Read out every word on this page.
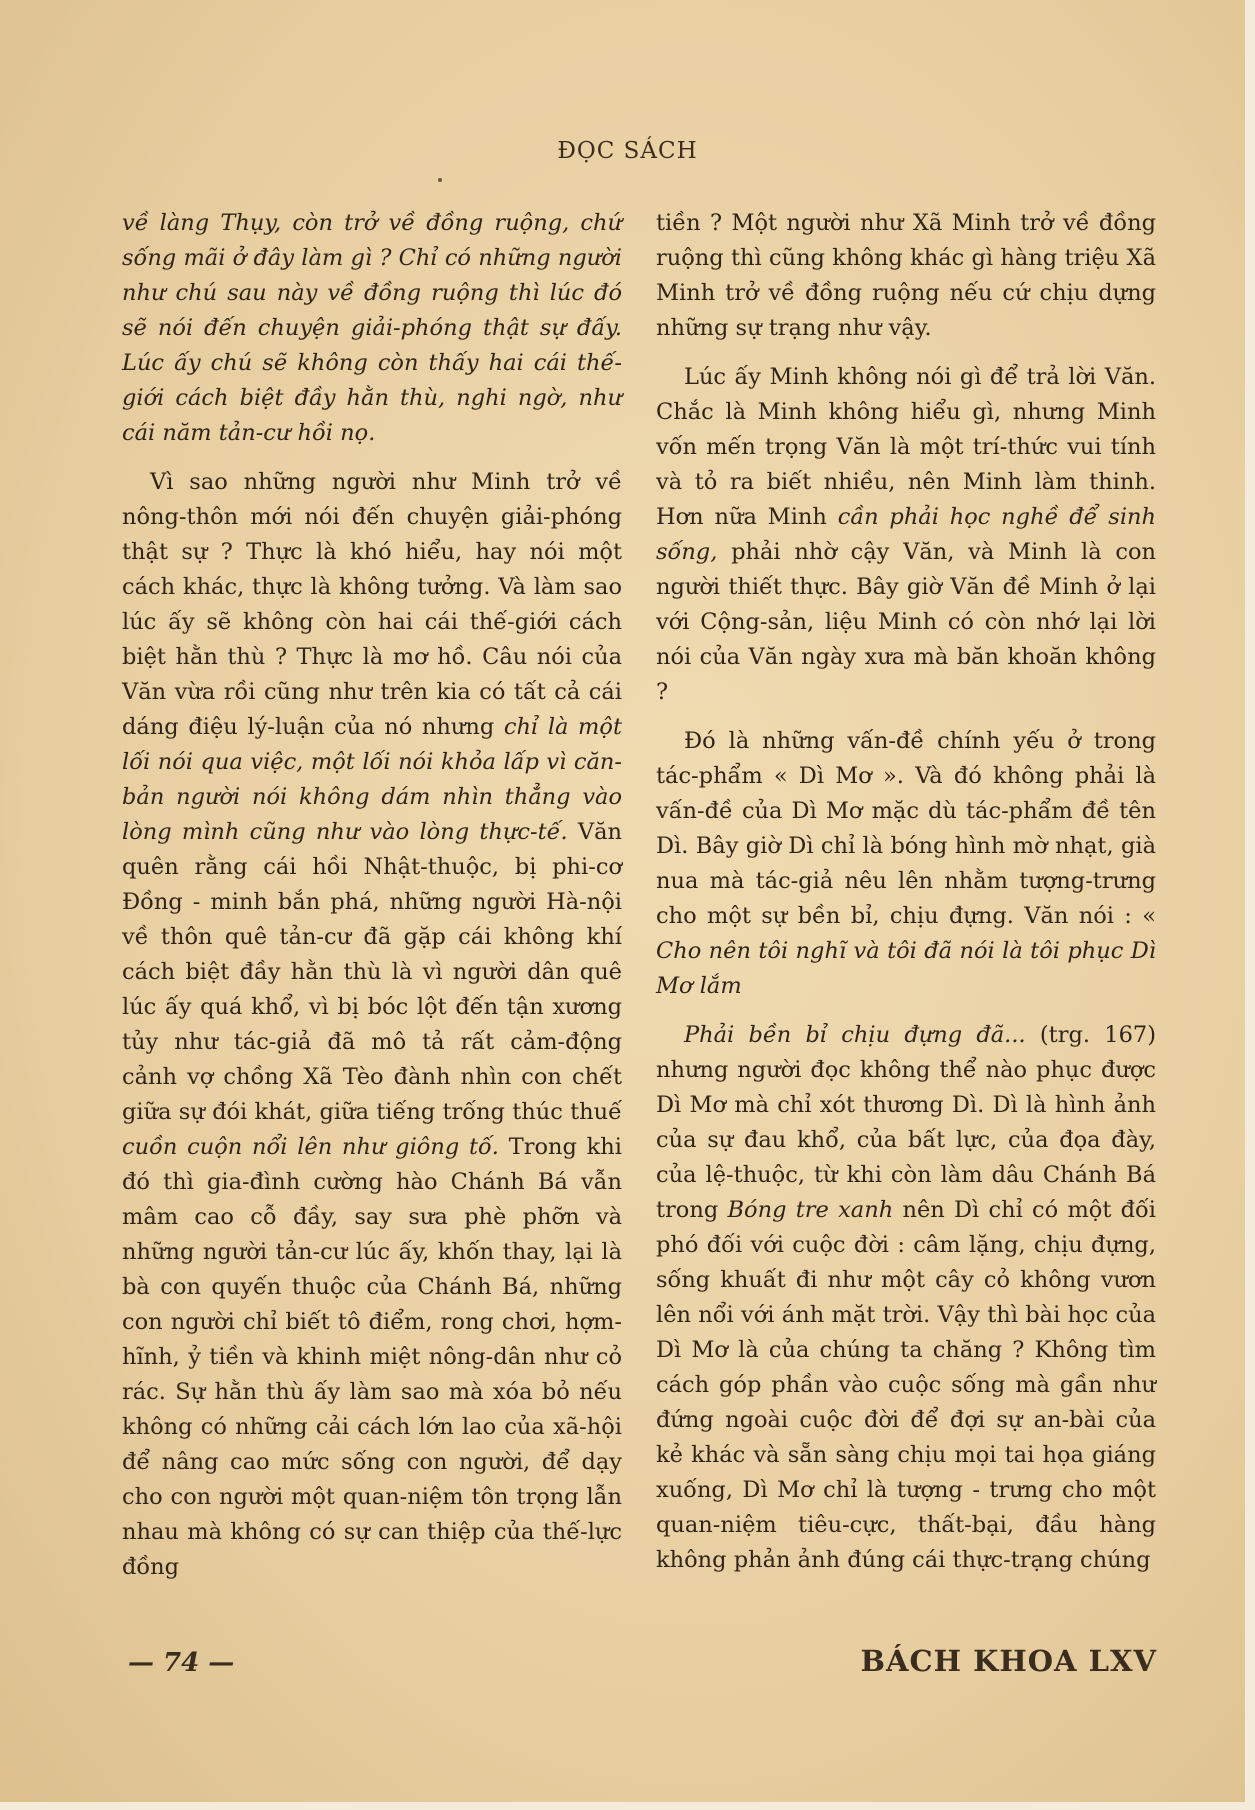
ĐỌC SÁCH

về làng Thụy, còn trở về đồng ruộng, chứ sống mãi ở đây làm gì ? Chỉ có những người như chú sau này về đồng ruộng thì lúc đó sẽ nói đến chuyện giải-phóng thật sự đấy. Lúc ấy chú sẽ không còn thấy hai cái thế-giới cách biệt đầy hằn thù, nghi ngờ, như cái năm tản-cư hồi nọ.

Vì sao những người như Minh trở về nông-thôn mới nói đến chuyện giải-phóng thật sự ? Thực là khó hiểu, hay nói một cách khác, thực là không tưởng. Và làm sao lúc ấy sẽ không còn hai cái thế-giới cách biệt hằn thù ? Thực là mơ hồ. Câu nói của Văn vừa rồi cũng như trên kia có tất cả cái dáng điệu lý-luận của nó nhưng chỉ là một lối nói qua việc, một lối nói khỏa lấp vì căn-bản người nói không dám nhìn thẳng vào lòng mình cũng như vào lòng thực-tế. Văn quên rằng cái hồi Nhật-thuộc, bị phi-cơ Đồng - minh bắn phá, những người Hà-nội về thôn quê tản-cư đã gặp cái không khí cách biệt đầy hằn thù là vì người dân quê lúc ấy quá khổ, vì bị bóc lột đến tận xương tủy như tác-giả đã mô tả rất cảm-động cảnh vợ chồng Xã Tèo đành nhìn con chết giữa sự đói khát, giữa tiếng trống thúc thuế cuồn cuộn nổi lên như giông tố. Trong khi đó thì gia-đình cường hào Chánh Bá vẫn mâm cao cỗ đầy, say sưa phè phỡn và những người tản-cư lúc ấy, khốn thay, lại là bà con quyến thuộc của Chánh Bá, những con người chỉ biết tô điểm, rong chơi, hợm-hĩnh, ỷ tiền và khinh miệt nông-dân như cỏ rác. Sự hằn thù ấy làm sao mà xóa bỏ nếu không có những cải cách lớn lao của xã-hội để nâng cao mức sống con người, để dạy cho con người một quan-niệm tôn trọng lẫn nhau mà không có sự can thiệp của thế-lực đồng

tiền ? Một người như Xã Minh trở về đồng ruộng thì cũng không khác gì hàng triệu Xã Minh trở về đồng ruộng nếu cứ chịu dựng những sự trạng như vậy.

Lúc ấy Minh không nói gì để trả lời Văn. Chắc là Minh không hiểu gì, nhưng Minh vốn mến trọng Văn là một trí-thức vui tính và tỏ ra biết nhiều, nên Minh làm thinh. Hơn nữa Minh cần phải học nghề để sinh sống, phải nhờ cậy Văn, và Minh là con người thiết thực. Bây giờ Văn đề Minh ở lại với Cộng-sản, liệu Minh có còn nhớ lại lời nói của Văn ngày xưa mà băn khoăn không ?

Đó là những vấn-đề chính yếu ở trong tác-phẩm « Dì Mơ ». Và đó không phải là vấn-đề của Dì Mơ mặc dù tác-phẩm đề tên Dì. Bây giờ Dì chỉ là bóng hình mờ nhạt, già nua mà tác-giả nêu lên nhằm tượng-trưng cho một sự bền bỉ, chịu đựng. Văn nói : « Cho nên tôi nghĩ và tôi đã nói là tôi phục Dì Mơ lắm

Phải bền bỉ chịu đựng đã... (trg. 167) nhưng người đọc không thể nào phục được Dì Mơ mà chỉ xót thương Dì. Dì là hình ảnh của sự đau khổ, của bất lực, của đọa đày, của lệ-thuộc, từ khi còn làm dâu Chánh Bá trong Bóng tre xanh nên Dì chỉ có một đối phó đối với cuộc đời : câm lặng, chịu đựng, sống khuất đi như một cây cỏ không vươn lên nổi với ánh mặt trời. Vậy thì bài học của Dì Mơ là của chúng ta chăng ? Không tìm cách góp phần vào cuộc sống mà gần như đứng ngoài cuộc đời để đợi sự an-bài của kẻ khác và sẵn sàng chịu mọi tai họa giáng xuống, Dì Mơ chỉ là tượng - trưng cho một quan-niệm tiêu-cực, thất-bại, đầu hàng không phản ảnh đúng cái thực-trạng chúng

— 74 —	BÁCH KHOA LXV
